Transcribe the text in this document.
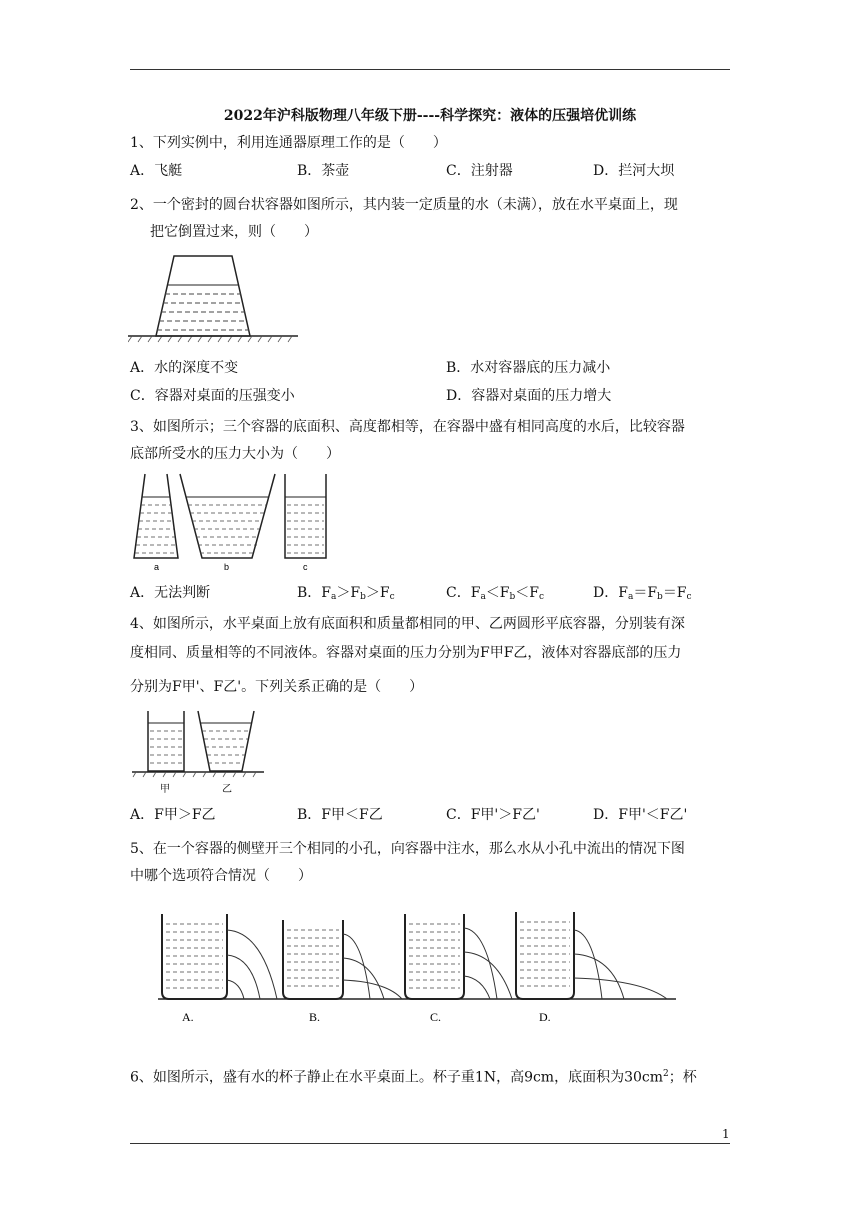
2022年沪科版物理八年级下册----科学探究：液体的压强培优训练
1、下列实例中，利用连通器原理工作的是（　　）
A．飞艇	B．茶壶	C．注射器	D．拦河大坝
2、一个密封的圆台状容器如图所示，其内装一定质量的水（未满），放在水平桌面上，现
把它倒置过来，则（　　）
A．水的深度不变	B．水对容器底的压力减小
C．容器对桌面的压强变小	D．容器对桌面的压力增大
3、如图所示；三个容器的底面积、高度都相等，在容器中盛有相同高度的水后，比较容器
底部所受水的压力大小为（　　）
a	b	c
A．无法判断	B．$F_a>F_b>F_c$	C．$F_a<F_b<F_c$	D．$F_a=F_b=F_c$
4、如图所示，水平桌面上放有底面积和质量都相同的甲、乙两圆形平底容器，分别装有深
度相同、质量相等的不同液体。容器对桌面的压力分别为F甲F乙，液体对容器底部的压力
分别为F甲'、F乙'。下列关系正确的是（　　）
甲	乙
A．F甲＞F乙	B．F甲＜F乙	C．F甲'＞F乙'	D．F甲'＜F乙'
5、在一个容器的侧壁开三个相同的小孔，向容器中注水，那么水从小孔中流出的情况下图
中哪个选项符合情况（　　）
A.	B.	C.	D.
6、如图所示，盛有水的杯子静止在水平桌面上。杯子重1N，高9cm，底面积为$30cm^2$；杯
1
